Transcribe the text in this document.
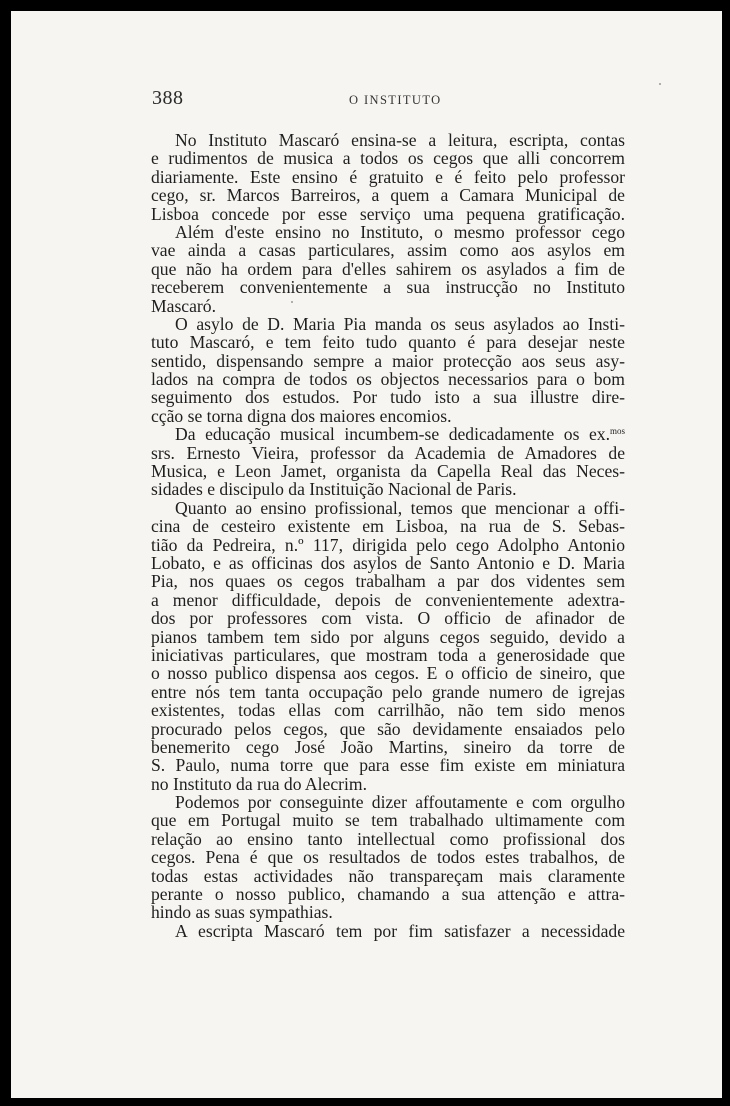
388	O INSTITUTO
No Instituto Mascaró ensina-se a leitura, escripta, contas
e rudimentos de musica a todos os cegos que alli concorrem
diariamente. Este ensino é gratuito e é feito pelo professor
cego, sr. Marcos Barreiros, a quem a Camara Municipal de
Lisboa concede por esse serviço uma pequena gratificação.
Além d'este ensino no Instituto, o mesmo professor cego
vae ainda a casas particulares, assim como aos asylos em
que não ha ordem para d'elles sahirem os asylados a fim de
receberem convenientemente a sua instrucção no Instituto
Mascaró.
O asylo de D. Maria Pia manda os seus asylados ao Insti-
tuto Mascaró, e tem feito tudo quanto é para desejar neste
sentido, dispensando sempre a maior protecção aos seus asy-
lados na compra de todos os objectos necessarios para o bom
seguimento dos estudos. Por tudo isto a sua illustre dire-
cção se torna digna dos maiores encomios.
Da educação musical incumbem-se dedicadamente os ex.$^{mos}$
srs. Ernesto Vieira, professor da Academia de Amadores de
Musica, e Leon Jamet, organista da Capella Real das Neces-
sidades e discipulo da Instituição Nacional de Paris.
Quanto ao ensino profissional, temos que mencionar a offi-
cina de cesteiro existente em Lisboa, na rua de S. Sebas-
tião da Pedreira, n.º 117, dirigida pelo cego Adolpho Antonio
Lobato, e as officinas dos asylos de Santo Antonio e D. Maria
Pia, nos quaes os cegos trabalham a par dos videntes sem
a menor difficuldade, depois de convenientemente adextra-
dos por professores com vista. O officio de afinador de
pianos tambem tem sido por alguns cegos seguido, devido a
iniciativas particulares, que mostram toda a generosidade que
o nosso publico dispensa aos cegos. E o officio de sineiro, que
entre nós tem tanta occupação pelo grande numero de igrejas
existentes, todas ellas com carrilhão, não tem sido menos
procurado pelos cegos, que são devidamente ensaiados pelo
benemerito cego José João Martins, sineiro da torre de
S. Paulo, numa torre que para esse fim existe em miniatura
no Instituto da rua do Alecrim.
Podemos por conseguinte dizer affoutamente e com orgulho
que em Portugal muito se tem trabalhado ultimamente com
relação ao ensino tanto intellectual como profissional dos
cegos. Pena é que os resultados de todos estes trabalhos, de
todas estas actividades não transpareçam mais claramente
perante o nosso publico, chamando a sua attenção e attra-
hindo as suas sympathias.
A escripta Mascaró tem por fim satisfazer a necessidade
